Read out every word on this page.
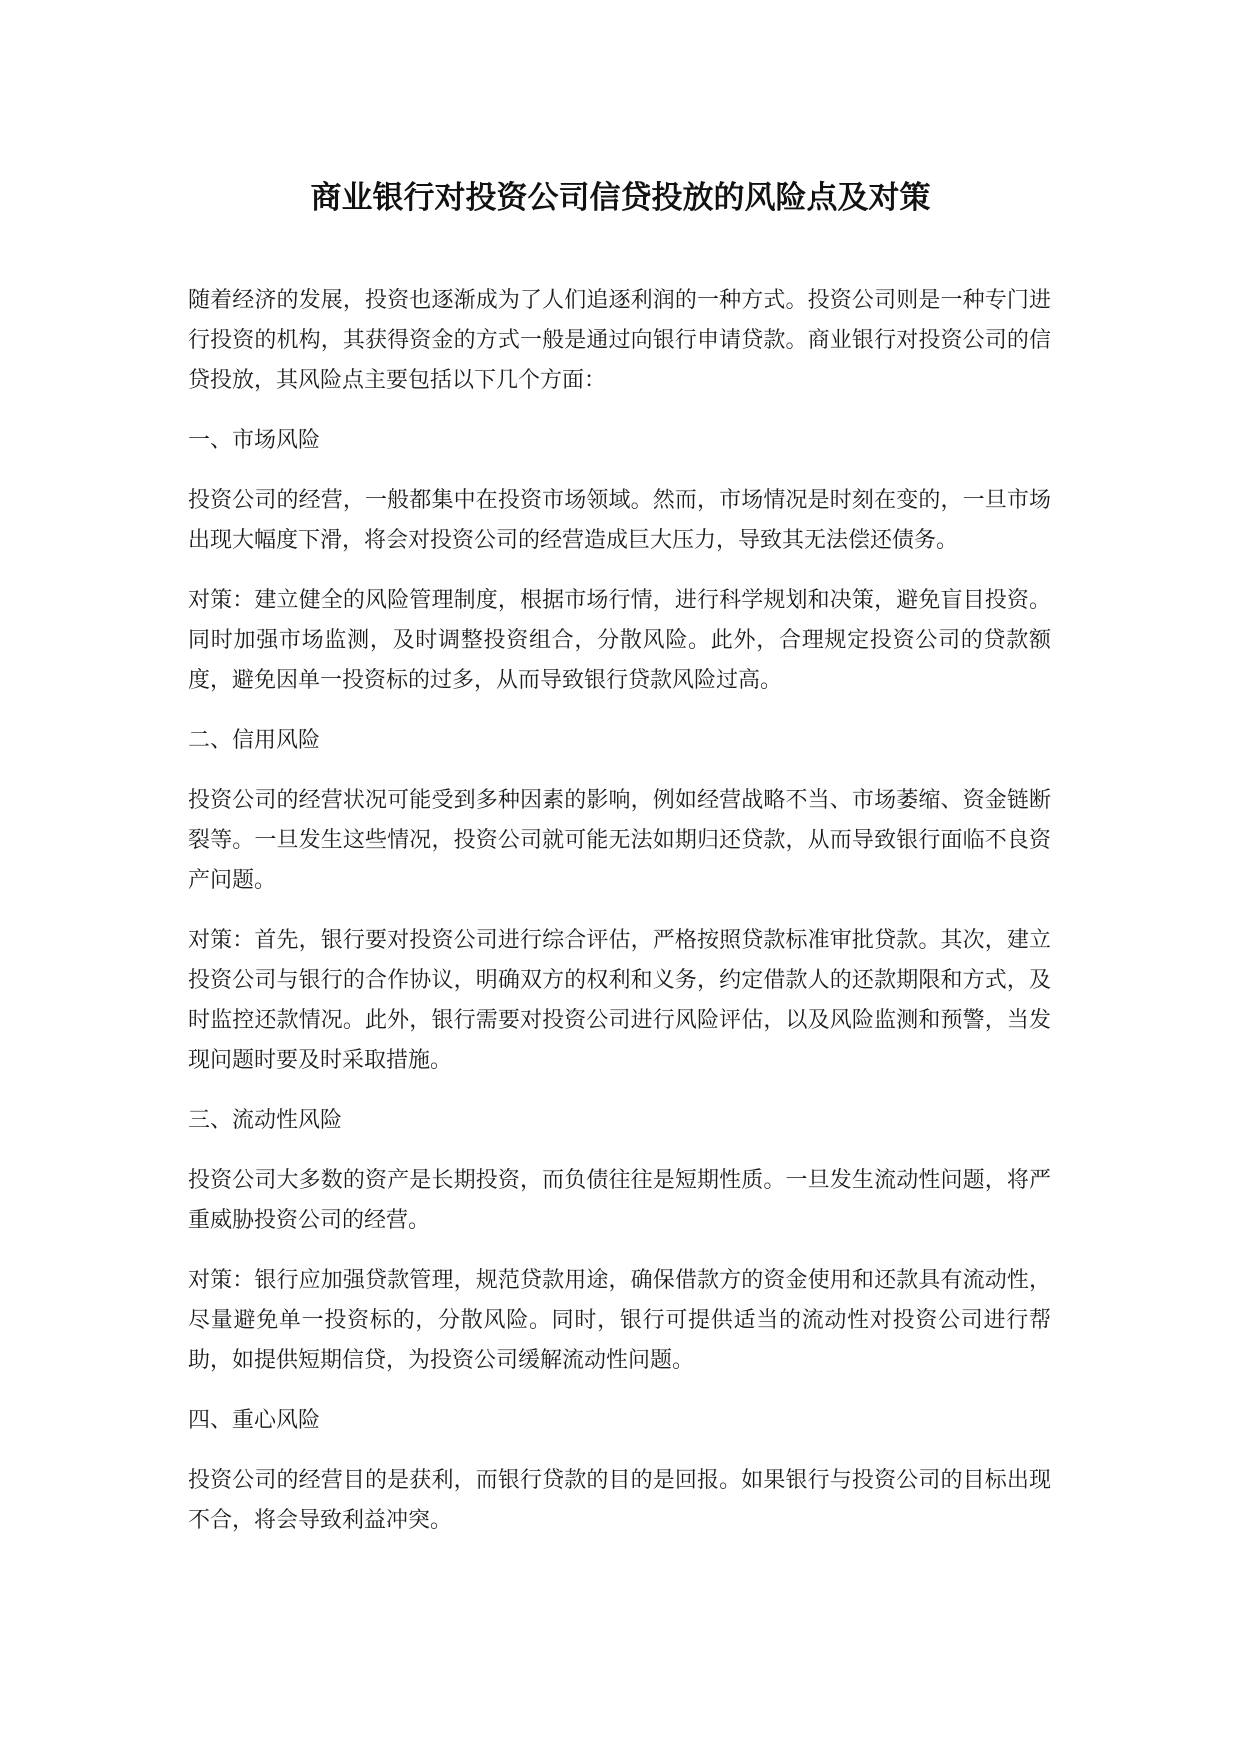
商业银行对投资公司信贷投放的风险点及对策

随着经济的发展，投资也逐渐成为了人们追逐利润的一种方式。投资公司则是一种专门进行投资的机构，其获得资金的方式一般是通过向银行申请贷款。商业银行对投资公司的信贷投放，其风险点主要包括以下几个方面：

一、市场风险

投资公司的经营，一般都集中在投资市场领域。然而，市场情况是时刻在变的，一旦市场出现大幅度下滑，将会对投资公司的经营造成巨大压力，导致其无法偿还债务。

对策：建立健全的风险管理制度，根据市场行情，进行科学规划和决策，避免盲目投资。同时加强市场监测，及时调整投资组合，分散风险。此外，合理规定投资公司的贷款额度，避免因单一投资标的过多，从而导致银行贷款风险过高。

二、信用风险

投资公司的经营状况可能受到多种因素的影响，例如经营战略不当、市场萎缩、资金链断裂等。一旦发生这些情况，投资公司就可能无法如期归还贷款，从而导致银行面临不良资产问题。

对策：首先，银行要对投资公司进行综合评估，严格按照贷款标准审批贷款。其次，建立投资公司与银行的合作协议，明确双方的权利和义务，约定借款人的还款期限和方式，及时监控还款情况。此外，银行需要对投资公司进行风险评估，以及风险监测和预警，当发现问题时要及时采取措施。

三、流动性风险

投资公司大多数的资产是长期投资，而负债往往是短期性质。一旦发生流动性问题，将严重威胁投资公司的经营。

对策：银行应加强贷款管理，规范贷款用途，确保借款方的资金使用和还款具有流动性，尽量避免单一投资标的，分散风险。同时，银行可提供适当的流动性对投资公司进行帮助，如提供短期信贷，为投资公司缓解流动性问题。

四、重心风险

投资公司的经营目的是获利，而银行贷款的目的是回报。如果银行与投资公司的目标出现不合，将会导致利益冲突。
